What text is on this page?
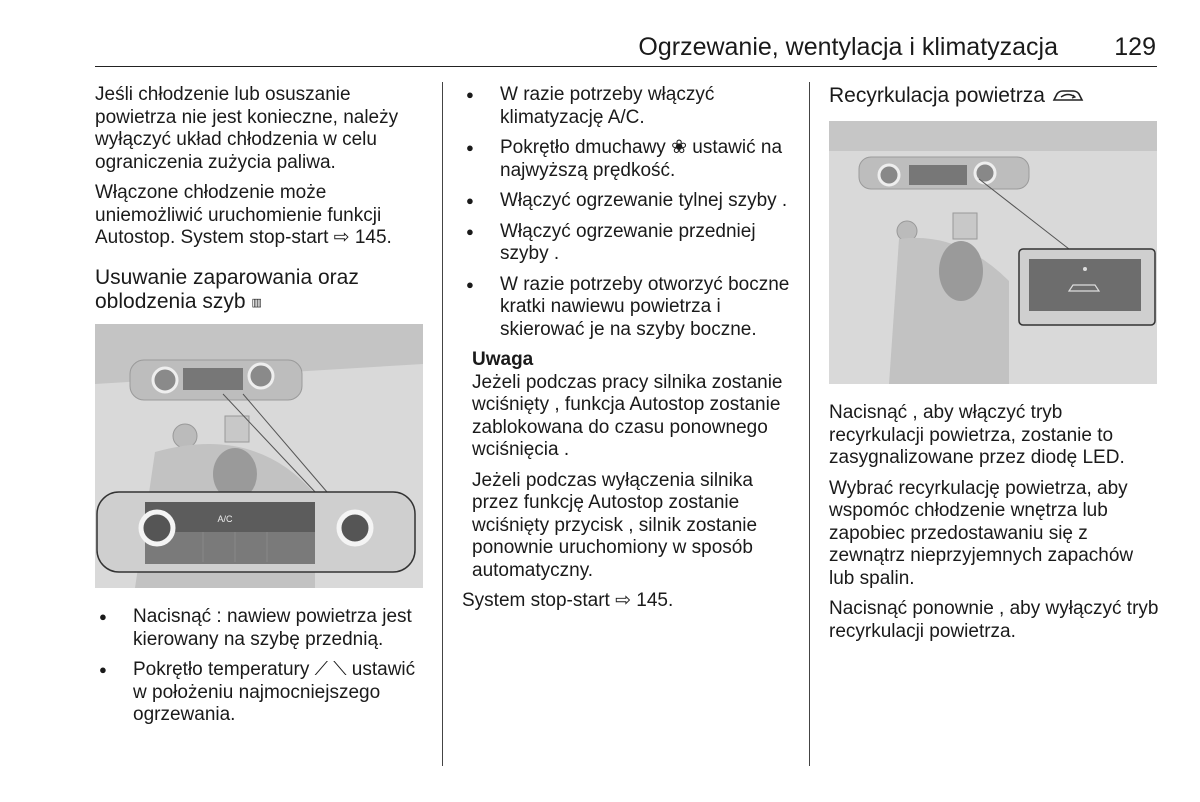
Ogrzewanie, wentylacja i klimatyzacja	129

Jeśli chłodzenie lub osuszanie powietrza nie jest konieczne, należy wyłączyć układ chłodzenia w celu ograniczenia zużycia paliwa.

Włączone chłodzenie może uniemożliwić uruchomienie funkcji Autostop. System stop-start ⇨ 145.

Usuwanie zaparowania oraz
oblodzenia szyb ▥
A/C
● Nacisnąć : nawiew powietrza jest kierowany na szybę przednią.
● Pokrętło temperatury ⟋ ⟍ ustawić w położeniu najmocniejszego ogrzewania.
● W razie potrzeby włączyć klimatyzację A/C.
● Pokrętło dmuchawy ❀ ustawić na najwyższą prędkość.
● Włączyć ogrzewanie tylnej szyby .
● Włączyć ogrzewanie przedniej szyby .
● W razie potrzeby otworzyć boczne kratki nawiewu powietrza i skierować je na szyby boczne.
Uwaga

Jeżeli podczas pracy silnika zostanie wciśnięty , funkcja Autostop zostanie zablokowana do czasu ponownego wciśnięcia .

Jeżeli podczas wyłączenia silnika przez funkcję Autostop zostanie wciśnięty przycisk , silnik zostanie ponownie uruchomiony w sposób automatyczny.

System stop-start ⇨ 145.

Recyrkulacja powietrza

Nacisnąć , aby włączyć tryb recyrkulacji powietrza, zostanie to zasygnalizowane przez diodę LED.

Wybrać recyrkulację powietrza, aby wspomóc chłodzenie wnętrza lub zapobiec przedostawaniu się z zewnątrz nieprzyjemnych zapachów lub spalin.

Nacisnąć ponownie , aby wyłączyć tryb recyrkulacji powietrza.
